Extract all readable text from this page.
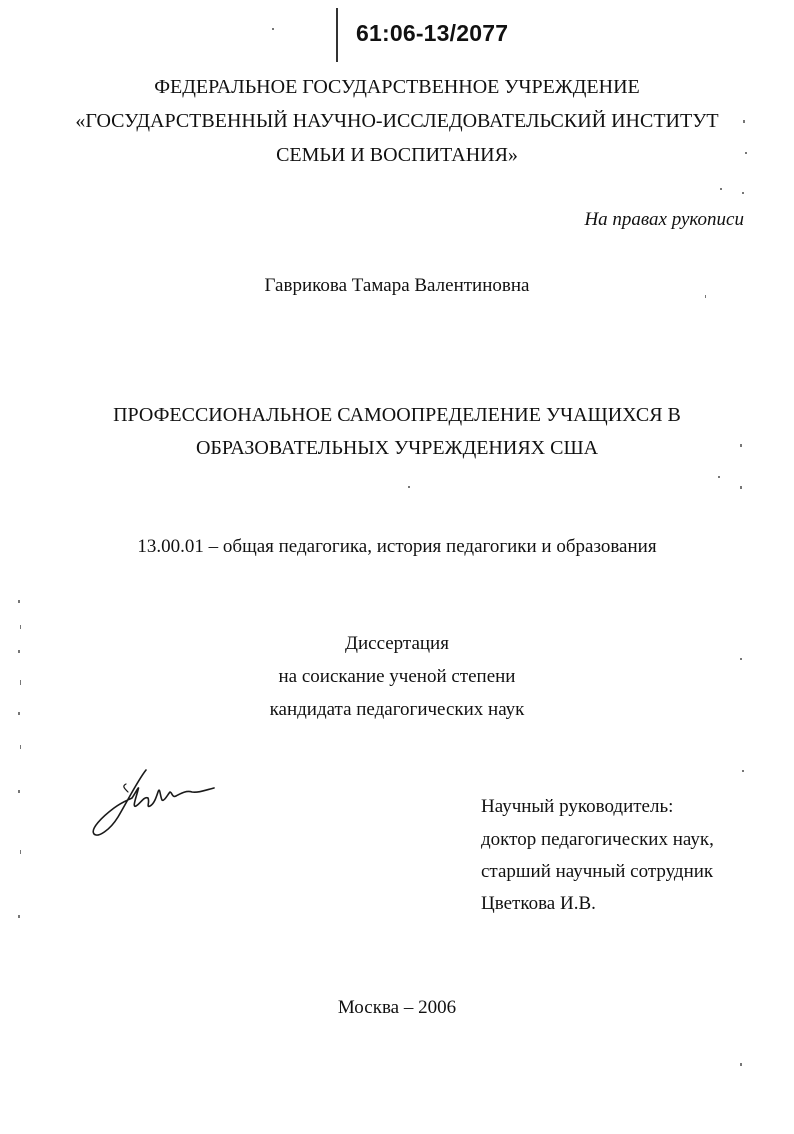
61:06-13/2077
ФЕДЕРАЛЬНОЕ ГОСУДАРСТВЕННОЕ УЧРЕЖДЕНИЕ
«ГОСУДАРСТВЕННЫЙ НАУЧНО-ИССЛЕДОВАТЕЛЬСКИЙ ИНСТИТУТ
СЕМЬИ И ВОСПИТАНИЯ»
На правах рукописи
Гаврикова Тамара Валентиновна
ПРОФЕССИОНАЛЬНОЕ САМООПРЕДЕЛЕНИЕ УЧАЩИХСЯ В
ОБРАЗОВАТЕЛЬНЫХ УЧРЕЖДЕНИЯХ США
13.00.01 – общая педагогика, история педагогики и образования
Диссертация
на соискание ученой степени
кандидата педагогических наук
Научный руководитель:
доктор педагогических наук,
старший научный сотрудник
Цветкова И.В.
Москва – 2006
